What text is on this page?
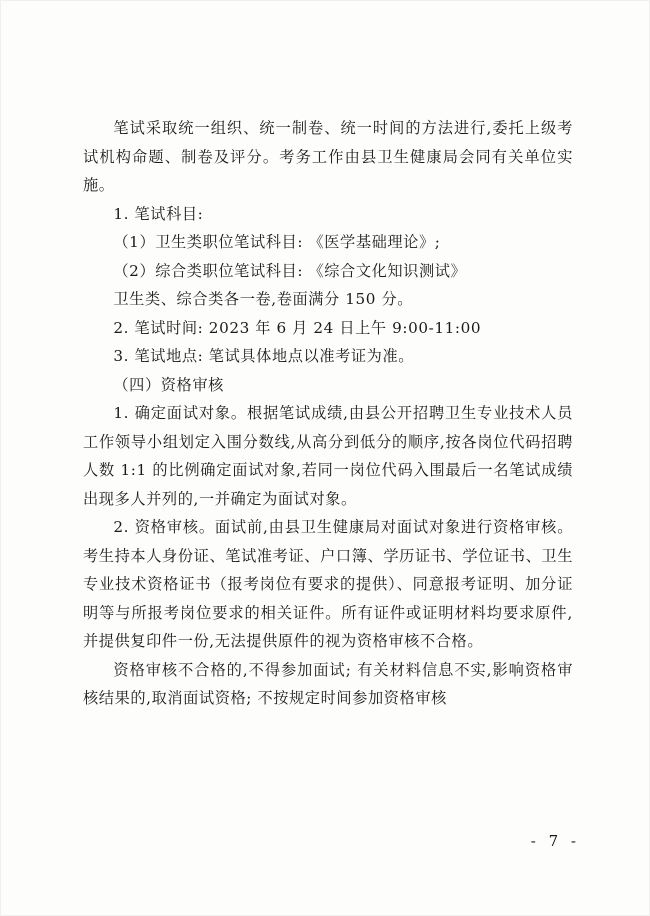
笔试采取统一组织、统一制卷、统一时间的方法进行,委托上级考试机构命题、制卷及评分。考务工作由县卫生健康局会同有关单位实施。

1. 笔试科目:

（1）卫生类职位笔试科目: 《医学基础理论》;

（2）综合类职位笔试科目: 《综合文化知识测试》

卫生类、综合类各一卷,卷面满分 150 分。

2. 笔试时间: 2023 年 6 月 24 日上午 9:00-11:00

3. 笔试地点: 笔试具体地点以准考证为准。

（四）资格审核

1. 确定面试对象。根据笔试成绩,由县公开招聘卫生专业技术人员工作领导小组划定入围分数线,从高分到低分的顺序,按各岗位代码招聘人数 1:1 的比例确定面试对象,若同一岗位代码入围最后一名笔试成绩出现多人并列的,一并确定为面试对象。

2. 资格审核。面试前,由县卫生健康局对面试对象进行资格审核。考生持本人身份证、笔试准考证、户口簿、学历证书、学位证书、卫生专业技术资格证书（报考岗位有要求的提供）、同意报考证明、加分证明等与所报考岗位要求的相关证件。所有证件或证明材料均要求原件,并提供复印件一份,无法提供原件的视为资格审核不合格。

资格审核不合格的,不得参加面试; 有关材料信息不实,影响资格审核结果的,取消面试资格; 不按规定时间参加资格审核

- 7 -
